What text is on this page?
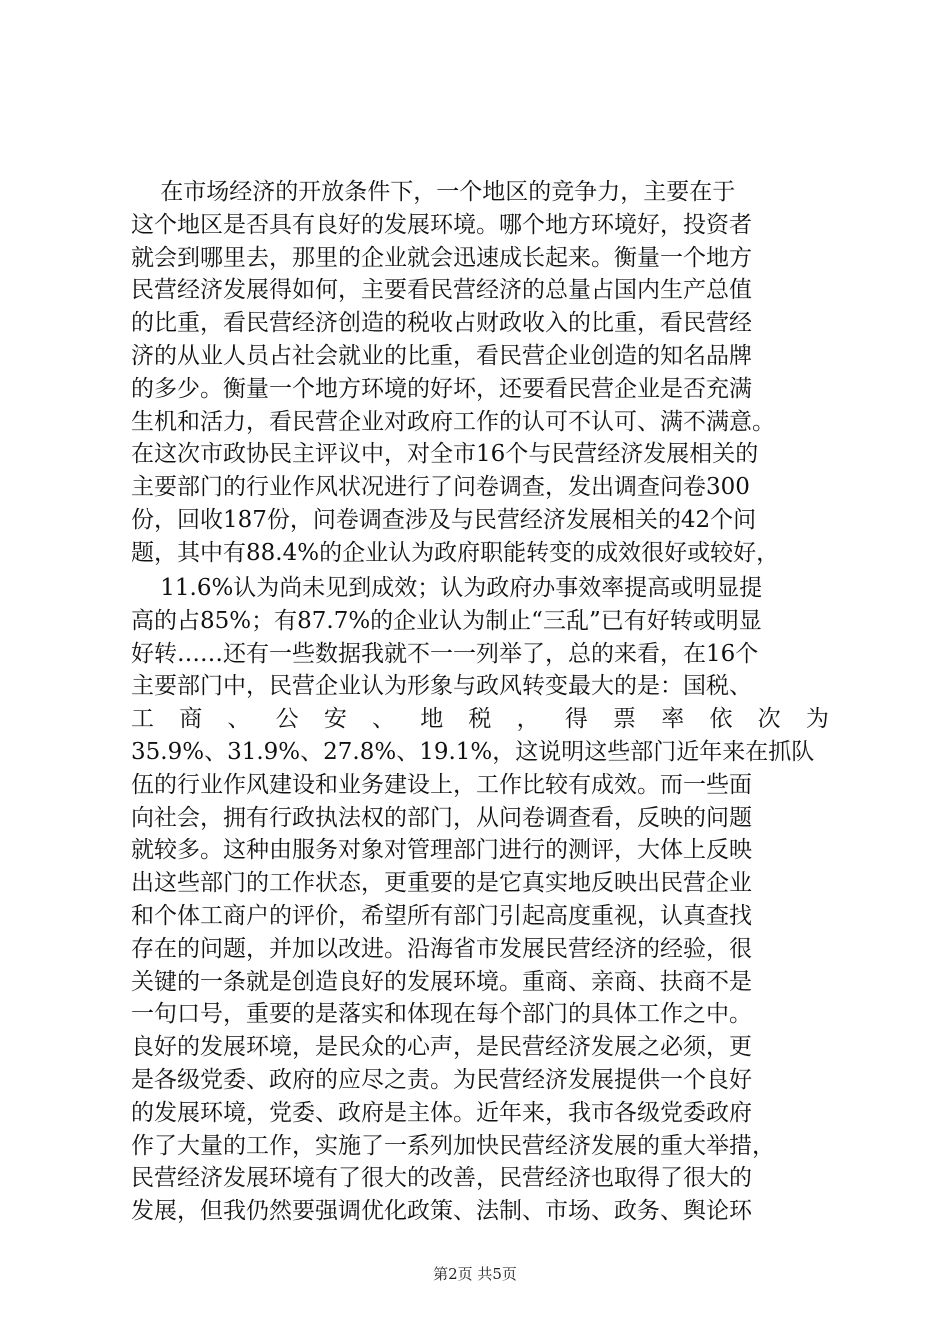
在市场经济的开放条件下，一个地区的竞争力，主要在于
这个地区是否具有良好的发展环境。哪个地方环境好，投资者
就会到哪里去，那里的企业就会迅速成长起来。衡量一个地方
民营经济发展得如何，主要看民营经济的总量占国内生产总值
的比重，看民营经济创造的税收占财政收入的比重，看民营经
济的从业人员占社会就业的比重，看民营企业创造的知名品牌
的多少。衡量一个地方环境的好坏，还要看民营企业是否充满
生机和活力，看民营企业对政府工作的认可不认可、满不满意。
在这次市政协民主评议中，对全市16个与民营经济发展相关的
主要部门的行业作风状况进行了问卷调查，发出调查问卷300
份，回收187份，问卷调查涉及与民营经济发展相关的42个问
题，其中有88.4%的企业认为政府职能转变的成效很好或较好，
11.6%认为尚未见到成效；认为政府办事效率提高或明显提
高的占85%；有87.7%的企业认为制止“三乱”已有好转或明显
好转……还有一些数据我就不一一列举了，总的来看，在16个
主要部门中，民营企业认为形象与政风转变最大的是：国税、
工 商 、 公 安 、 地 税 ， 得 票 率 依 次 为
35.9%、31.9%、27.8%、19.1%，这说明这些部门近年来在抓队
伍的行业作风建设和业务建设上，工作比较有成效。而一些面
向社会，拥有行政执法权的部门，从问卷调查看，反映的问题
就较多。这种由服务对象对管理部门进行的测评，大体上反映
出这些部门的工作状态，更重要的是它真实地反映出民营企业
和个体工商户的评价，希望所有部门引起高度重视，认真查找
存在的问题，并加以改进。沿海省市发展民营经济的经验，很
关键的一条就是创造良好的发展环境。重商、亲商、扶商不是
一句口号，重要的是落实和体现在每个部门的具体工作之中。
良好的发展环境，是民众的心声，是民营经济发展之必须，更
是各级党委、政府的应尽之责。为民营经济发展提供一个良好
的发展环境，党委、政府是主体。近年来，我市各级党委政府
作了大量的工作，实施了一系列加快民营经济发展的重大举措，
民营经济发展环境有了很大的改善，民营经济也取得了很大的
发展，但我仍然要强调优化政策、法制、市场、政务、舆论环
第2页 共5页
